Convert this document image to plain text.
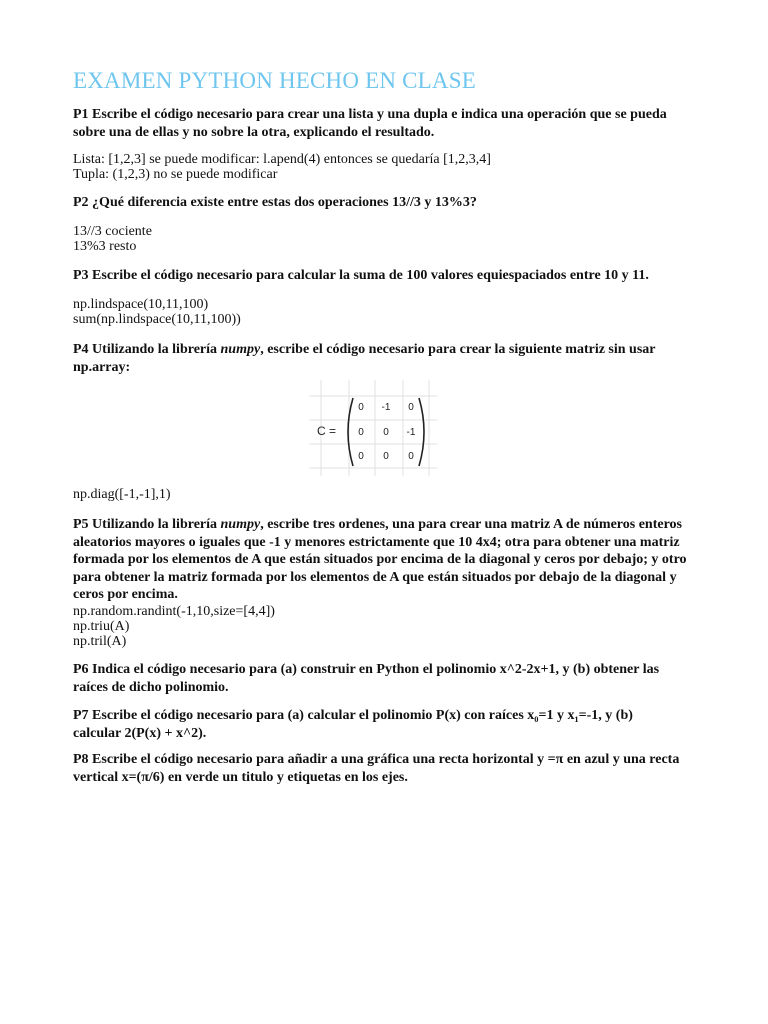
EXAMEN PYTHON HECHO EN CLASE
P1 Escribe el código necesario para crear una lista y una dupla e indica una operación que se pueda sobre una de ellas y no sobre la otra, explicando el resultado.
Lista: [1,2,3] se puede modificar: l.apend(4) entonces se quedaría [1,2,3,4]
Tupla: (1,2,3) no se puede modificar
P2 ¿Qué diferencia existe entre estas dos operaciones 13//3 y 13%3?
13//3 cociente
13%3 resto
P3 Escribe el código necesario para calcular la suma de 100 valores equiespaciados entre 10 y 11.
np.lindspace(10,11,100)
sum(np.lindspace(10,11,100))
P4 Utilizando la librería numpy, escribe el código necesario para crear la siguiente matriz sin usar np.array:
C =
0 -1 0
0 0 -1
0 0 0
np.diag([-1,-1],1)
P5 Utilizando la librería numpy, escribe tres ordenes, una para crear una matriz A de números enteros aleatorios mayores o iguales que -1 y menores estrictamente que 10 4x4; otra para obtener una matriz formada por los elementos de A que están situados por encima de la diagonal y ceros por debajo; y otro para obtener la matriz formada por los elementos de A que están situados por debajo de la diagonal y ceros por encima.
np.random.randint(-1,10,size=[4,4])
np.triu(A)
np.tril(A)
P6 Indica el código necesario para (a) construir en Python el polinomio x^2-2x+1, y (b) obtener las raíces de dicho polinomio.
P7 Escribe el código necesario para (a) calcular el polinomio P(x) con raíces x₀=1 y x₁=-1, y (b) calcular 2(P(x) + x^2).
P8 Escribe el código necesario para añadir a una gráfica una recta horizontal y =π en azul y una recta vertical x=(π/6) en verde un titulo y etiquetas en los ejes.
